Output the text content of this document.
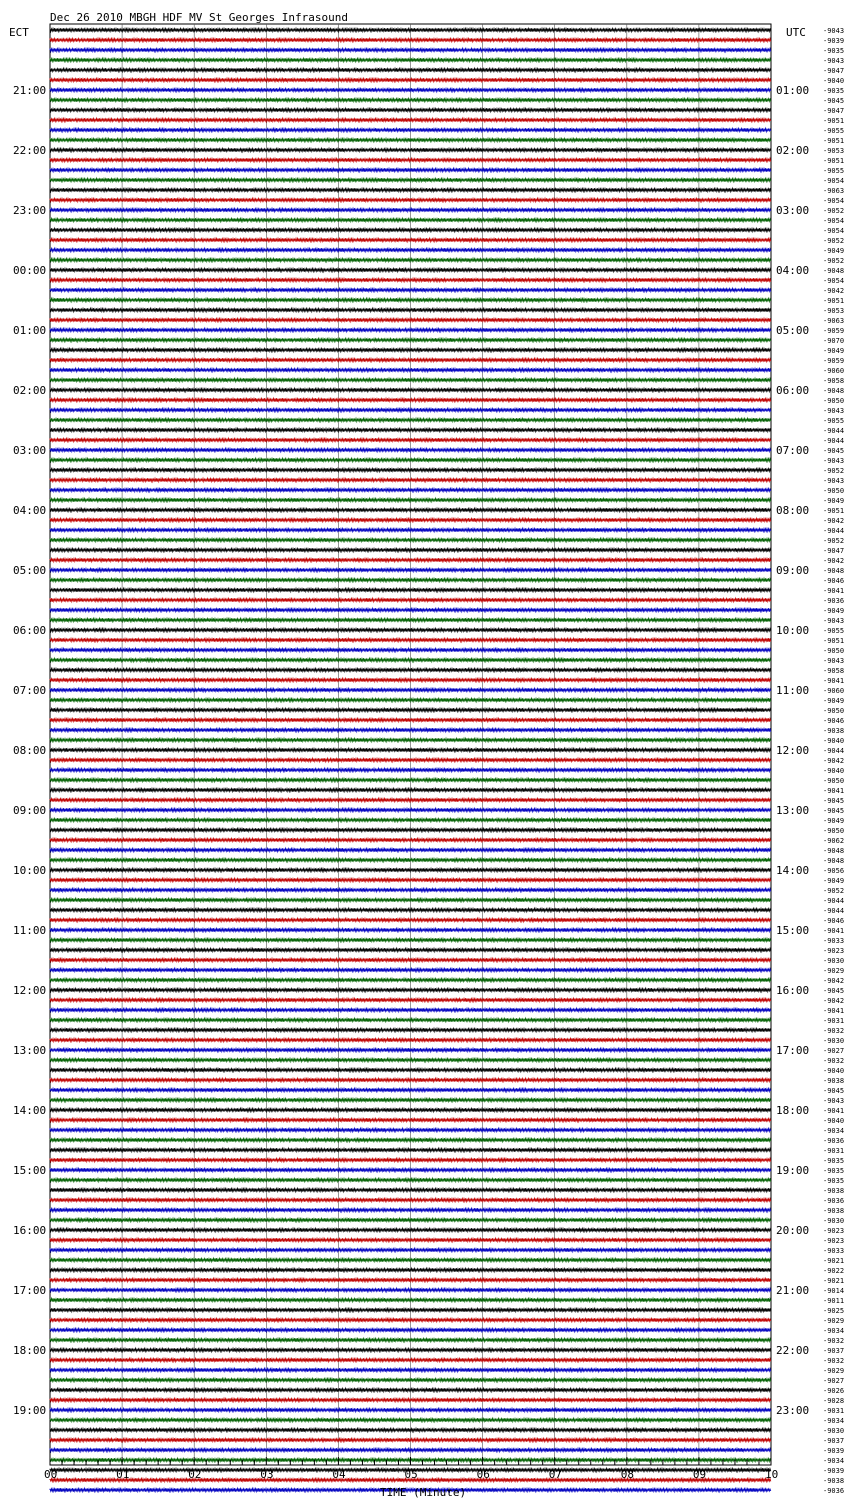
Dec 26 2010 MBGH HDF MV St Georges Infrasound
ECT	UTC
21:00	01:00
22:00	02:00
23:00	03:00
00:00	04:00
01:00	05:00
02:00	06:00
03:00	07:00
04:00	08:00
05:00	09:00
06:00	10:00
07:00	11:00
08:00	12:00
09:00	13:00
10:00	14:00
11:00	15:00
12:00	16:00
13:00	17:00
14:00	18:00
15:00	19:00
16:00	20:00
17:00	21:00
18:00	22:00
19:00	23:00
-9043
-9039
-9035
-9043
-9047
-9040
-9035
-9045
-9047
-9051
-9055
-9051
-9053
-9051
-9055
-9054
-9063
-9054
-9052
-9054
-9054
-9052
-9049
-9052
-9048
-9054
-9042
-9051
-9053
-9063
-9059
-9070
-9049
-9059
-9060
-9058
-9048
-9050
-9043
-9055
-9044
-9044
-9045
-9043
-9052
-9043
-9050
-9049
-9051
-9042
-9044
-9052
-9047
-9042
-9048
-9046
-9041
-9036
-9049
-9043
-9055
-9051
-9050
-9043
-9058
-9041
-9060
-9049
-9050
-9046
-9038
-9040
-9044
-9042
-9040
-9050
-9041
-9045
-9045
-9049
-9050
-9062
-9048
-9048
-9056
-9049
-9052
-9044
-9044
-9046
-9041
-9033
-9023
-9030
-9029
-9042
-9045
-9042
-9041
-9031
-9032
-9030
-9027
-9032
-9040
-9038
-9045
-9043
-9041
-9040
-9034
-9036
-9031
-9035
-9035
-9035
-9038
-9036
-9038
-9030
-9023
-9023
-9033
-9021
-9022
-9021
-9014
-9011
-9025
-9029
-9034
-9032
-9037
-9032
-9029
-9027
-9026
-9028
-9031
-9034
-9030
-9037
-9039
-9034
-9039
-9038
-9036
00	01	02	03	04	05	06	07	08	09	10
TIME (Minute)
